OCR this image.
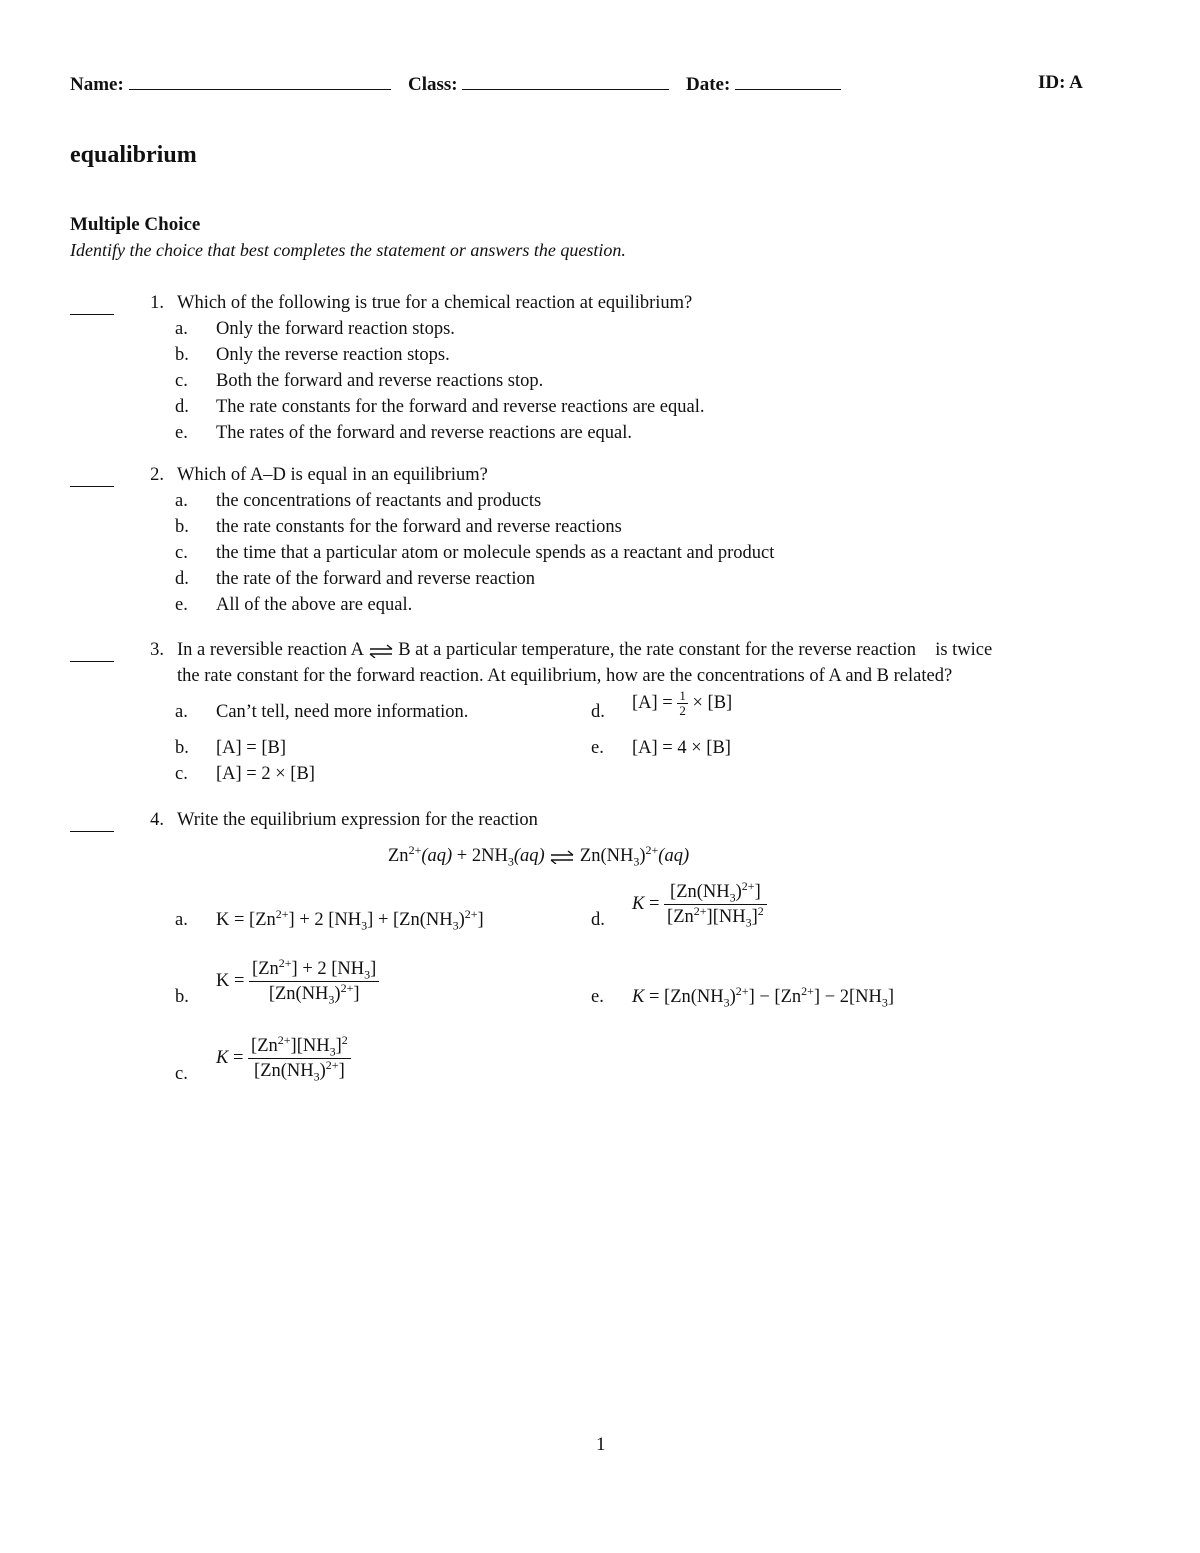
Name:	Class:	Date:	ID: A
equalibrium
Multiple Choice
Identify the choice that best completes the statement or answers the question.
1. Which of the following is true for a chemical reaction at equilibrium?
a. Only the forward reaction stops.
b. Only the reverse reaction stops.
c. Both the forward and reverse reactions stop.
d. The rate constants for the forward and reverse reactions are equal.
e. The rates of the forward and reverse reactions are equal.
2. Which of A–D is equal in an equilibrium?
a. the concentrations of reactants and products
b. the rate constants for the forward and reverse reactions
c. the time that a particular atom or molecule spends as a reactant and product
d. the rate of the forward and reverse reaction
e. All of the above are equal.
3. In a reversible reaction A ⇌ B at a particular temperature, the rate constant for the reverse reaction is twice
the rate constant for the forward reaction. At equilibrium, how are the concentrations of A and B related?
a. Can’t tell, need more information.
b. [A] = [B]
c. [A] = 2 × [B]
d. $[A] = \frac{1}{2} \times [B]$
e. [A] = 4 × [B]
4. Write the equilibrium expression for the reaction
$Zn^{2+}(aq) + 2NH_3(aq)$ ⇌ $Zn(NH_3)^{2+}(aq)$
a. $K = [Zn^{2+}] + 2$ $[NH_3] + [Zn(NH_3)^{2+}]$
b.
$K = \frac{[Zn^{2+}] + 2 [NH_3]}{[Zn(NH_3)^{2+}]}$
c.
$K = \frac{[Zn^{2+}][NH_3]^2}{[Zn(NH_3)^{2+}]}$
d.
$K = \frac{[Zn(NH_3)^{2+}]}{[Zn^{2+}][NH_3]^2}$
e. $K = [Zn(NH_3)^{2+}] - [Zn^{2+}] - 2[NH_3]$
1
